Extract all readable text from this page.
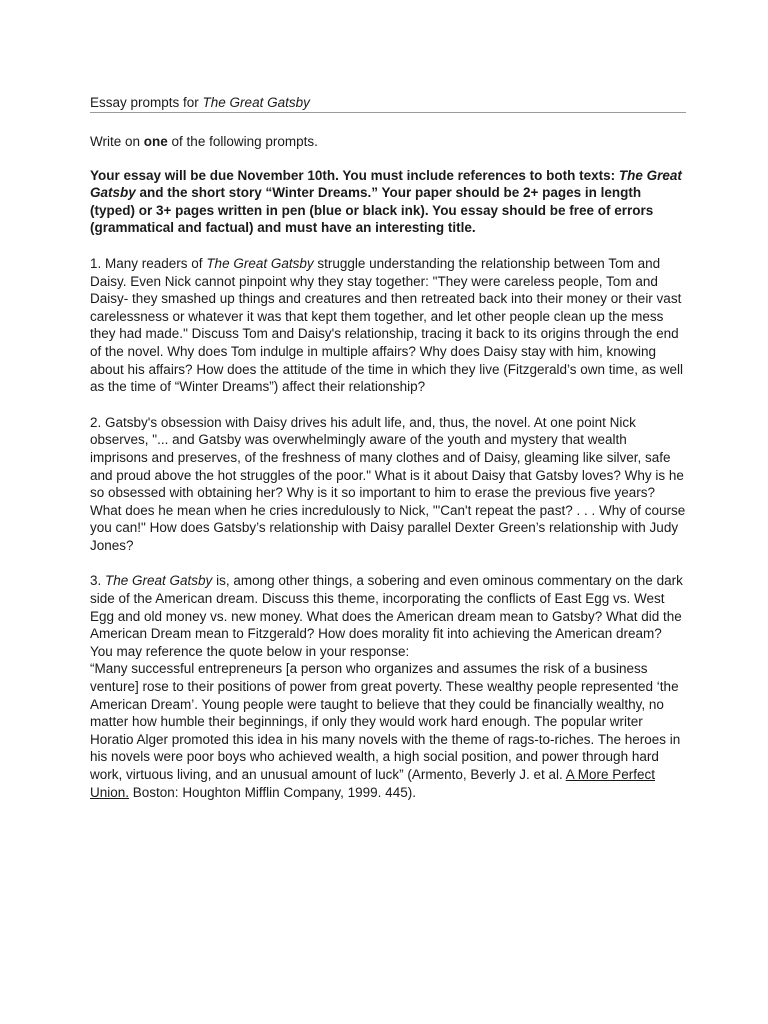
Essay prompts for The Great Gatsby

Write on one of the following prompts.

Your essay will be due November 10th. You must include references to both texts: The Great Gatsby and the short story “Winter Dreams.” Your paper should be 2+ pages in length (typed) or 3+ pages written in pen (blue or black ink). You essay should be free of errors (grammatical and factual) and must have an interesting title.

1. Many readers of The Great Gatsby struggle understanding the relationship between Tom and Daisy. Even Nick cannot pinpoint why they stay together: "They were careless people, Tom and Daisy- they smashed up things and creatures and then retreated back into their money or their vast carelessness or whatever it was that kept them together, and let other people clean up the mess they had made." Discuss Tom and Daisy's relationship, tracing it back to its origins through the end of the novel. Why does Tom indulge in multiple affairs? Why does Daisy stay with him, knowing about his affairs? How does the attitude of the time in which they live (Fitzgerald’s own time, as well as the time of “Winter Dreams”) affect their relationship?

2. Gatsby's obsession with Daisy drives his adult life, and, thus, the novel. At one point Nick observes, "... and Gatsby was overwhelmingly aware of the youth and mystery that wealth imprisons and preserves, of the freshness of many clothes and of Daisy, gleaming like silver, safe and proud above the hot struggles of the poor." What is it about Daisy that Gatsby loves? Why is he so obsessed with obtaining her? Why is it so important to him to erase the previous five years? What does he mean when he cries incredulously to Nick, "'Can't repeat the past? . . . Why of course you can!" How does Gatsby’s relationship with Daisy parallel Dexter Green’s relationship with Judy Jones?

3. The Great Gatsby is, among other things, a sobering and even ominous commentary on the dark side of the American dream. Discuss this theme, incorporating the conflicts of East Egg vs. West Egg and old money vs. new money. What does the American dream mean to Gatsby? What did the American Dream mean to Fitzgerald? How does morality fit into achieving the American dream? You may reference the quote below in your response:

“Many successful entrepreneurs [a person who organizes and assumes the risk of a business venture] rose to their positions of power from great poverty. These wealthy people represented ‘the American Dream’. Young people were taught to believe that they could be financially wealthy, no matter how humble their beginnings, if only they would work hard enough. The popular writer Horatio Alger promoted this idea in his many novels with the theme of rags-to-riches. The heroes in his novels were poor boys who achieved wealth, a high social position, and power through hard work, virtuous living, and an unusual amount of luck” (Armento, Beverly J. et al. A More Perfect Union. Boston: Houghton Mifflin Company, 1999. 445).
